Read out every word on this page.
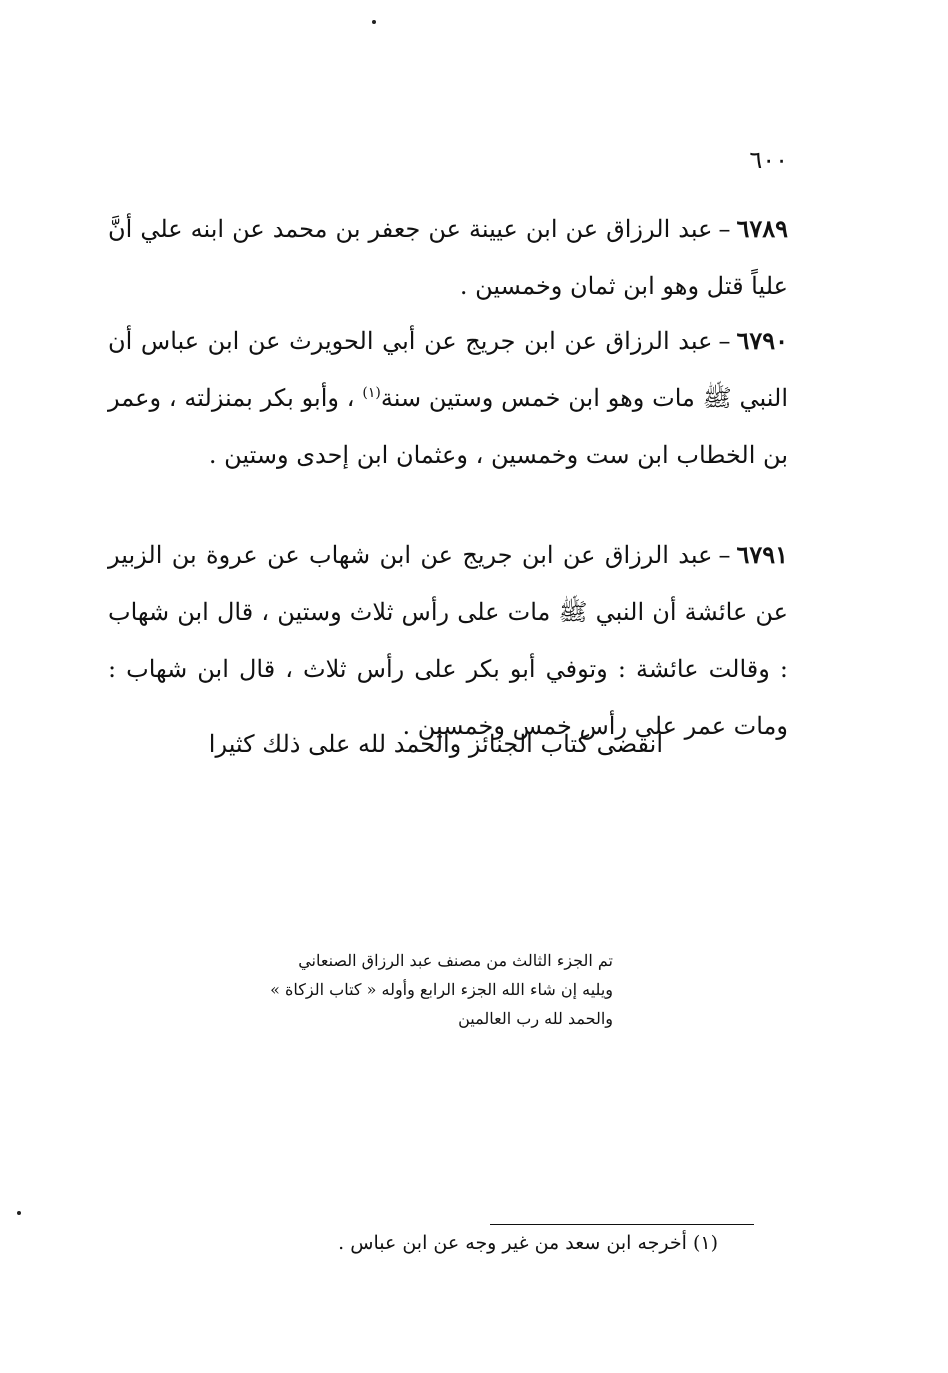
٦٠٠

٦٧٨٩–عبد الرزاق عن ابن عيينة عن جعفر بن محمد عن ابنه علي أنَّ علياً قتل وهو ابن ثمان وخمسين .

٦٧٩٠–عبد الرزاق عن ابن جريج عن أبي الحويرث عن ابن عباس أن النبي ﷺ مات وهو ابن خمس وستين سنة$^{(١)}$ ، وأبو بكر بمنزلته ، وعمر بن الخطاب ابن ست وخمسين ، وعثمان ابن إحدى وستين .

٦٧٩١–عبد الرزاق عن ابن جريج عن ابن شهاب عن عروة بن الزبير عن عائشة أن النبي ﷺ مات على رأس ثلاث وستين ، قال ابن شهاب : وقالت عائشة : وتوفي أبو بكر على رأس ثلاث ، قال ابن شهاب : ومات عمر على رأس خمس وخمسين .

انقضى كتاب الجنائز والحمد لله على ذلك كثيرا

تم الجزء الثالث من مصنف عبد الرزاق الصنعاني

ويليه إن شاء الله الجزء الرابع وأوله « كتاب الزكاة »

والحمد لله رب العالمين

(١) أخرجه ابن سعد من غير وجه عن ابن عباس .
